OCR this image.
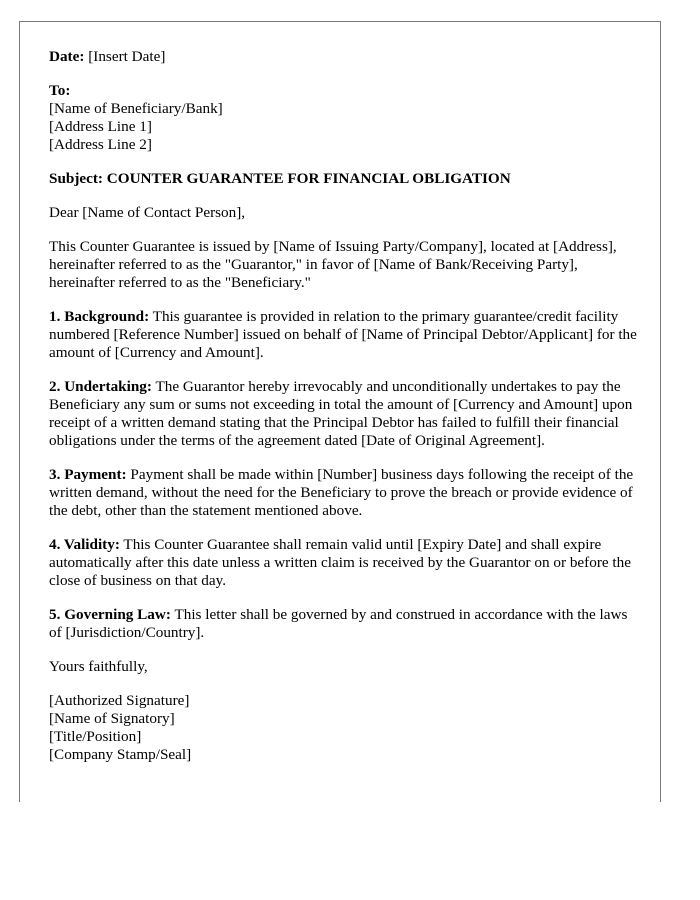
Date: [Insert Date]

To:
[Name of Beneficiary/Bank]
[Address Line 1]
[Address Line 2]

Subject: COUNTER GUARANTEE FOR FINANCIAL OBLIGATION

Dear [Name of Contact Person],

This Counter Guarantee is issued by [Name of Issuing Party/Company], located at [Address], hereinafter referred to as the "Guarantor," in favor of [Name of Bank/Receiving Party], hereinafter referred to as the "Beneficiary."

1. Background: This guarantee is provided in relation to the primary guarantee/credit facility numbered [Reference Number] issued on behalf of [Name of Principal Debtor/Applicant] for the amount of [Currency and Amount].

2. Undertaking: The Guarantor hereby irrevocably and unconditionally undertakes to pay the Beneficiary any sum or sums not exceeding in total the amount of [Currency and Amount] upon receipt of a written demand stating that the Principal Debtor has failed to fulfill their financial obligations under the terms of the agreement dated [Date of Original Agreement].

3. Payment: Payment shall be made within [Number] business days following the receipt of the written demand, without the need for the Beneficiary to prove the breach or provide evidence of the debt, other than the statement mentioned above.

4. Validity: This Counter Guarantee shall remain valid until [Expiry Date] and shall expire automatically after this date unless a written claim is received by the Guarantor on or before the close of business on that day.

5. Governing Law: This letter shall be governed by and construed in accordance with the laws of [Jurisdiction/Country].

Yours faithfully,

[Authorized Signature]
[Name of Signatory]
[Title/Position]
[Company Stamp/Seal]
